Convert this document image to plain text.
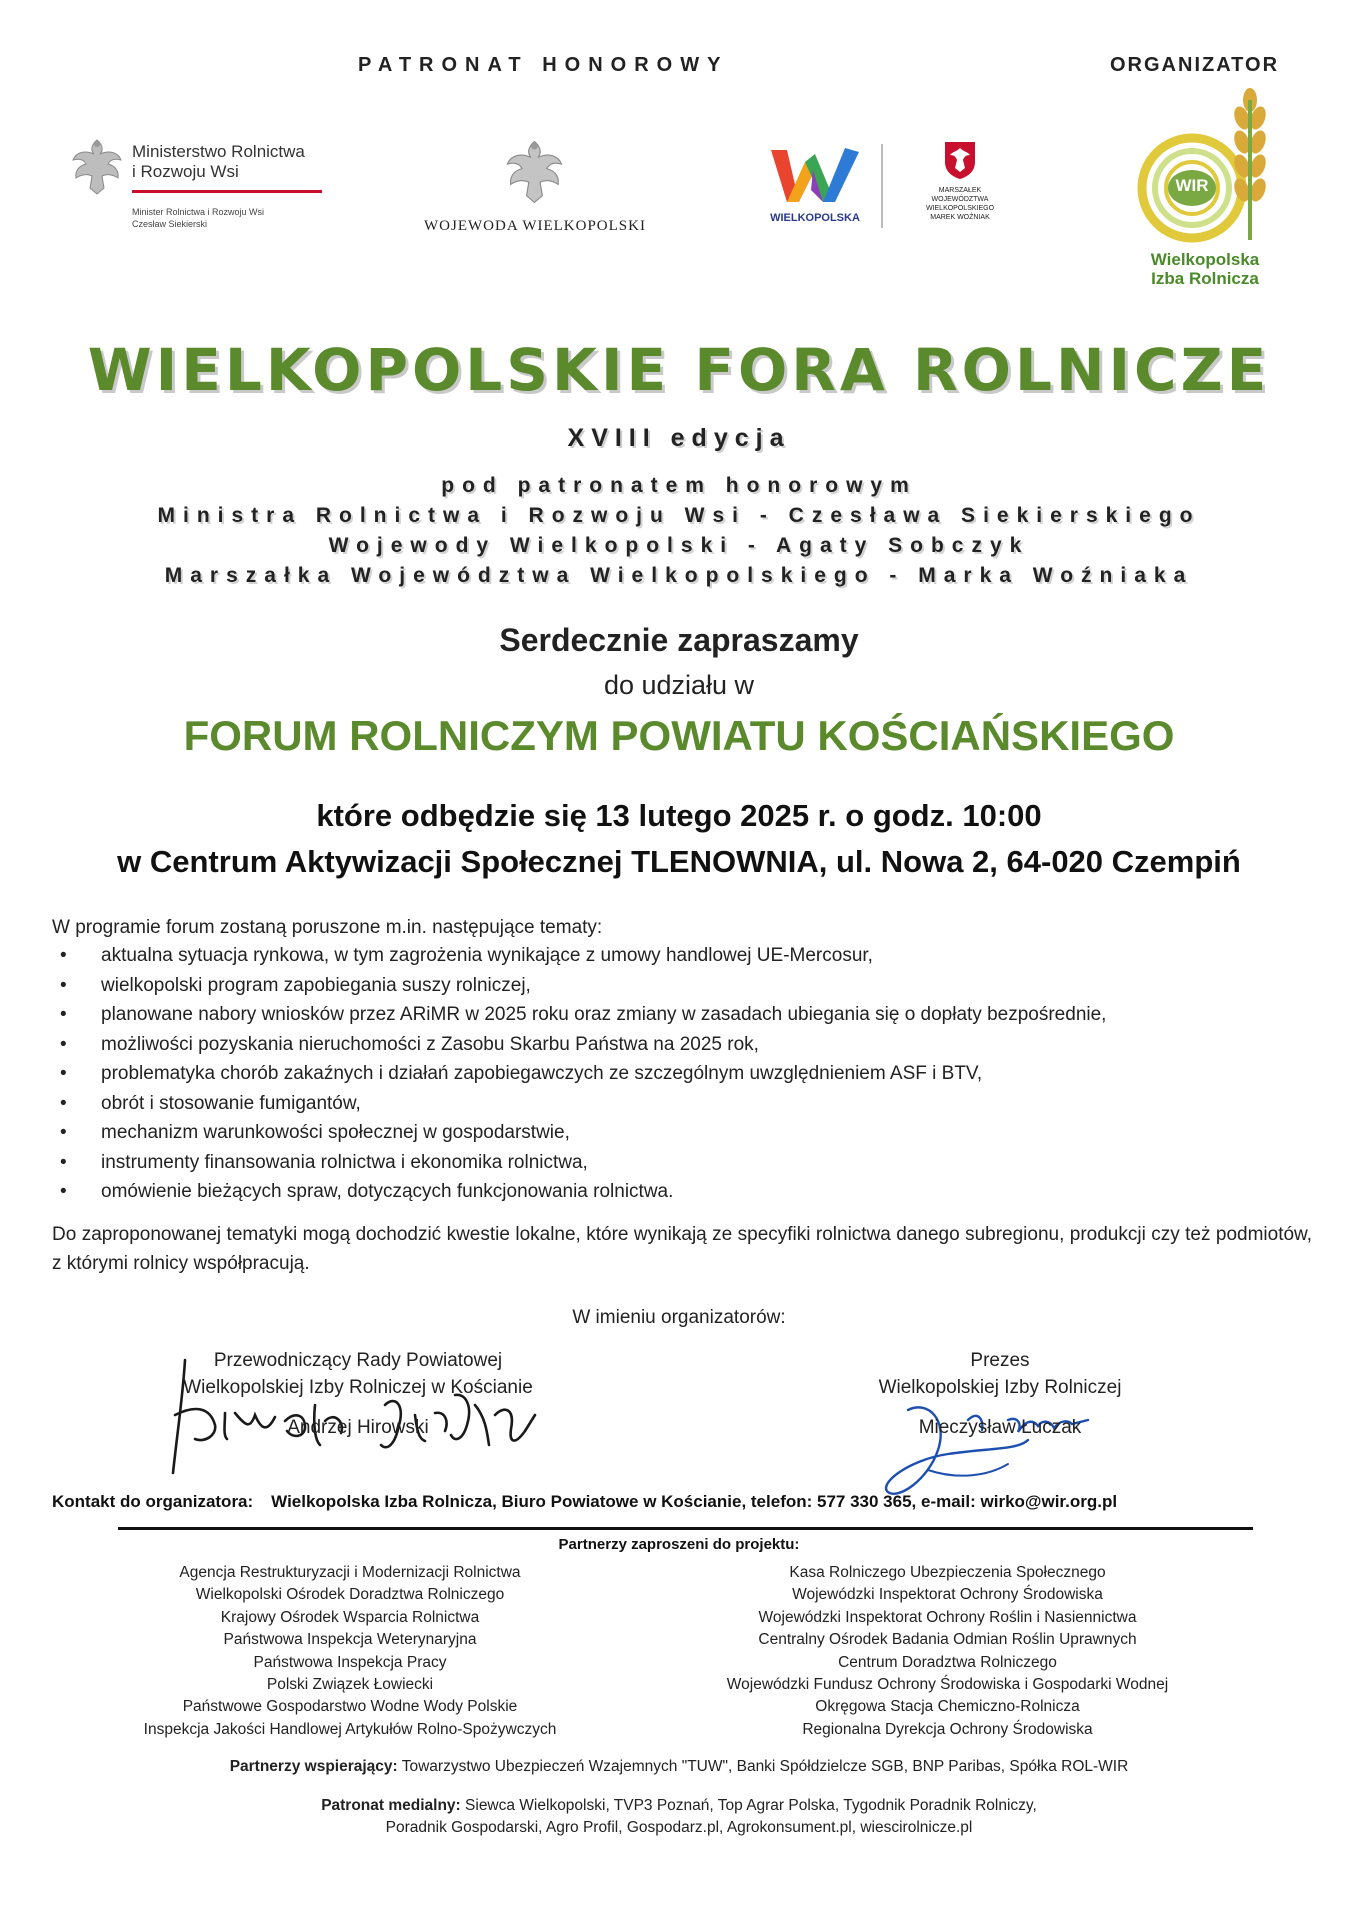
PATRONAT HONOROWY	ORGANIZATOR
Ministerstwo Rolnictwa
i Rozwoju Wsi
Minister Rolnictwa i Rozwoju Wsi
Czesław Siekierski	WOJEWODA WIELKOPOLSKI	WIELKOPOLSKA
MARSZAŁEK
WOJEWÓDZTWA
WIELKOPOLSKIEGO
MAREK WOŹNIAK
WIR
Wielkopolska
Izba Rolnicza
WIELKOPOLSKIE FORA ROLNICZE
XVIII edycja
pod patronatem honorowym
Ministra Rolnictwa i Rozwoju Wsi - Czesława Siekierskiego
Wojewody Wielkopolski - Agaty Sobczyk
Marszałka Województwa Wielkopolskiego - Marka Woźniaka
Serdecznie zapraszamy
do udziału w
FORUM ROLNICZYM POWIATU KOŚCIAŃSKIEGO
które odbędzie się 13 lutego 2025 r. o godz. 10:00
w Centrum Aktywizacji Społecznej TLENOWNIA, ul. Nowa 2, 64-020 Czempiń
W programie forum zostaną poruszone m.in. następujące tematy:
• aktualna sytuacja rynkowa, w tym zagrożenia wynikające z umowy handlowej UE-Mercosur,
• wielkopolski program zapobiegania suszy rolniczej,
• planowane nabory wniosków przez ARiMR w 2025 roku oraz zmiany w zasadach ubiegania się o dopłaty bezpośrednie,
• możliwości pozyskania nieruchomości z Zasobu Skarbu Państwa na 2025 rok,
• problematyka chorób zakaźnych i działań zapobiegawczych ze szczególnym uwzględnieniem ASF i BTV,
• obrót i stosowanie fumigantów,
• mechanizm warunkowości społecznej w gospodarstwie,
• instrumenty finansowania rolnictwa i ekonomika rolnictwa,
• omówienie bieżących spraw, dotyczących funkcjonowania rolnictwa.
Do zaproponowanej tematyki mogą dochodzić kwestie lokalne, które wynikają ze specyfiki rolnictwa danego subregionu, produkcji czy też podmiotów, z którymi rolnicy współpracują.
W imieniu organizatorów:
Przewodniczący Rady Powiatowej
Wielkopolskiej Izby Rolniczej w Kościanie
Andrzej Hirowski
Prezes
Wielkopolskiej Izby Rolniczej
Mieczysław Łuczak
Kontakt do organizatora: Wielkopolska Izba Rolnicza, Biuro Powiatowe w Kościanie, telefon: 577 330 365, e-mail: wirko@wir.org.pl
Partnerzy zaproszeni do projektu:
Agencja Restrukturyzacji i Modernizacji Rolnictwa
Wielkopolski Ośrodek Doradztwa Rolniczego
Krajowy Ośrodek Wsparcia Rolnictwa
Państwowa Inspekcja Weterynaryjna
Państwowa Inspekcja Pracy
Polski Związek Łowiecki
Państwowe Gospodarstwo Wodne Wody Polskie
Inspekcja Jakości Handlowej Artykułów Rolno-Spożywczych
Kasa Rolniczego Ubezpieczenia Społecznego
Wojewódzki Inspektorat Ochrony Środowiska
Wojewódzki Inspektorat Ochrony Roślin i Nasiennictwa
Centralny Ośrodek Badania Odmian Roślin Uprawnych
Centrum Doradztwa Rolniczego
Wojewódzki Fundusz Ochrony Środowiska i Gospodarki Wodnej
Okręgowa Stacja Chemiczno-Rolnicza
Regionalna Dyrekcja Ochrony Środowiska
Partnerzy wspierający: Towarzystwo Ubezpieczeń Wzajemnych "TUW", Banki Spółdzielcze SGB, BNP Paribas, Spółka ROL-WIR
Patronat medialny: Siewca Wielkopolski, TVP3 Poznań, Top Agrar Polska, Tygodnik Poradnik Rolniczy,
Poradnik Gospodarski, Agro Profil, Gospodarz.pl, Agrokonsument.pl, wiescirolnicze.pl
